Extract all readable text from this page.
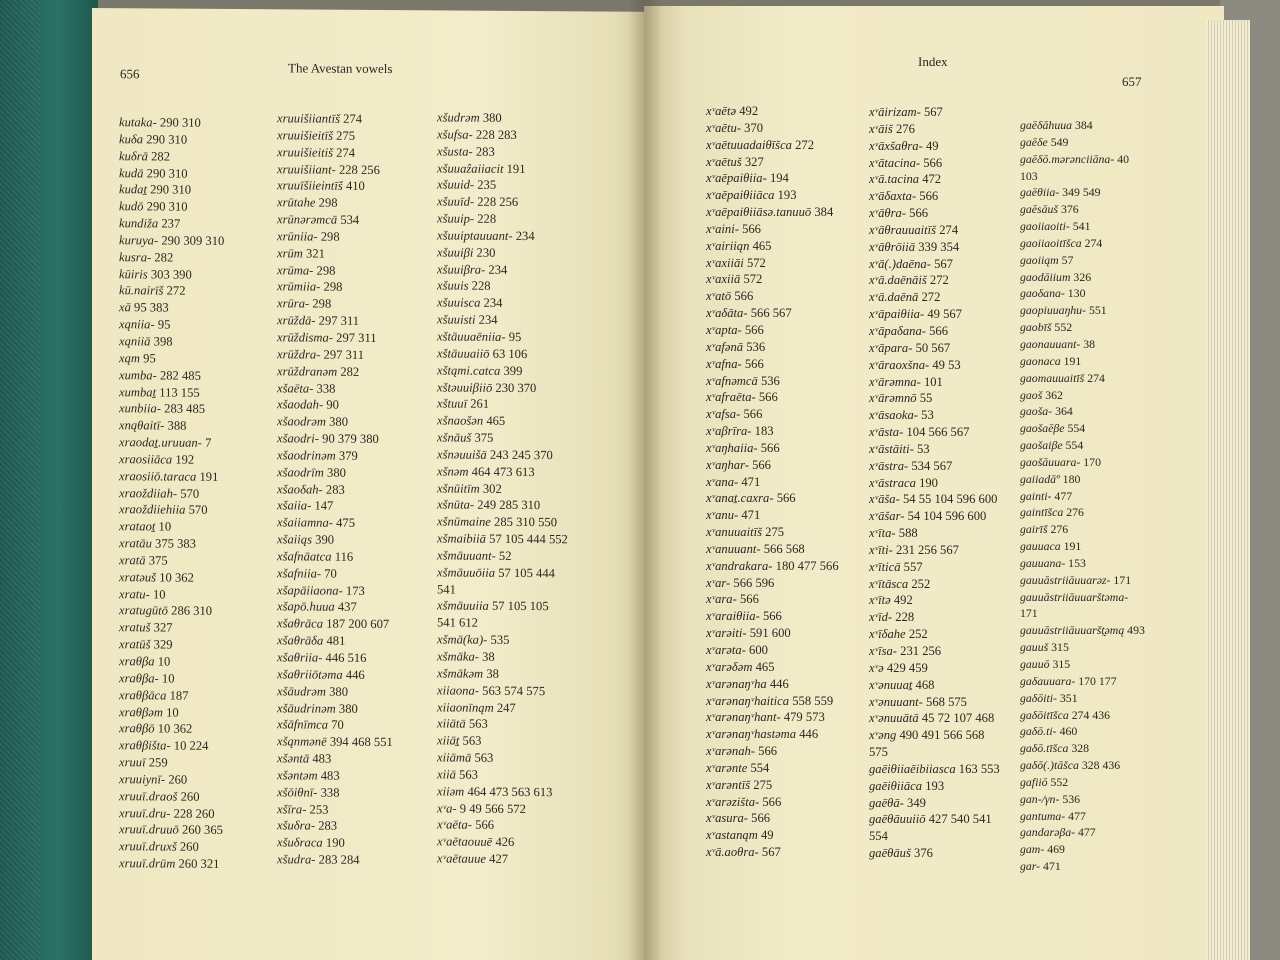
656	The Avestan vowels
kutaka- 290 310
kuδa 290 310
kuδrā 282
kudā 290 310
kudaṯ 290 310
kudō 290 310
kundiža 237
kuruya- 290 309 310
kusra- 282
kūiris 303 390
kū.nairīš 272
xā 95 383
xąniia- 95
xąniiā 398
xąm 95
xumba- 282 485
xumbaṯ 113 155
xunbiia- 283 485
xnąθaitī- 388
xraodaṯ.uruuan- 7
xraosiiāca 192
xraosiiō.taraca 191
xraoždiiah- 570
xraoždiiehiia 570
xrataoṯ 10
xratāu 375 383
xratā 375
xratəuš 10 362
xratu- 10
xratugūtō 286 310
xratuš 327
xratūš 329
xraθβa 10
xraθβa- 10
xraθβāca 187
xraθβəm 10
xraθβō 10 362
xraθβišta- 10 224
xruuī 259
xruuiynī- 260
xruuī.draoš 260
xruuī.dru- 228 260
xruuī.druuō 260 365
xruuī.druxš 260
xruuī.drūm 260 321
xruuišiiantīš 274
xruuišieitīš 275
xruuišieitiš 274
xruuišiiant- 228 256
xruuīšiieintīš 410
xrūtahe 298
xrūnərəmcā 534
xrūniia- 298
xrūm 321
xrūma- 298
xrūmiia- 298
xrūra- 298
xrūždā- 297 311
xrūždisma- 297 311
xrūždra- 297 311
xrūždranəm 282
xšaēta- 338
xšaodah- 90
xšaodrəm 380
xšaodri- 90 379 380
xšaodrinəm 379
xšaodrīm 380
xšaoδah- 283
xšaiia- 147
xšaiiamna- 475
xšaiiąs 390
xšafnāatca 116
xšafniia- 70
xšapāiiaona- 173
xšapō.huua 437
xšaθrāca 187 200 607
xšaθrāδa 481
xšaθriia- 446 516
xšaθriiōtəma 446
xšāudrəm 380
xšāudrinəm 380
xšāfnīmca 70
xšąnmǝnē 394 468 551
xšəntā 483
xšəntəm 483
xšōiθnī- 338
xšīra- 253
xšuδra- 283
xšuδraca 190
xšudra- 283 284
xšudrəm 380
xšufsa- 228 283
xšusta- 283
xšuuaẑaiiacit 191
xšuuid- 235
xšuuīd- 228 256
xšuuip- 228
xšuuiptauuant- 234
xšuuiβi 230
xšuuiβra- 234
xšuuis 228
xšuuisca 234
xšuuisti 234
xštāuuaēniia- 95
xštāuuaiiō 63 106
xštąmi.catca 399
xštəuuiβiiō 230 370
xštuuī 261
xšnaošən 465
xšnāuš 375
xšnəuuišā 243 245 370
xšnəm 464 473 613
xšnūitīm 302
xšnūta- 249 285 310
xšnūmaine 285 310 550
xšmaibiiā 57 105 444 552
xšmāuuant- 52
xšmāuuōiia 57 105 444
541
xšmāuuiia 57 105 105
541 612
xšmā(ka)- 535
xšmāka- 38
xšmākəm 38
xiiaona- 563 574 575
xiiaonīnąm 247
xiiātā 563
xiiāṯ 563
xiiāmā 563
xiiā 563
xiiəm 464 473 563 613
xᵛa- 9 49 566 572
xᵛaēta- 566
xᵛaētaouuē 426
xᵛaētauue 427
Index
657
xᵛaētə 492
xᵛaētu- 370
xᵛaētuuadaiθīšca 272
xᵛaētuš 327
xᵛaēpaiθiia- 194
xᵛaēpaiθiiāca 193
xᵛaēpaiθiiāsə.tanuuō 384
xᵛaini- 566
xᵛairiiąn 465
xᵛaxiiāi 572
xᵛaxiiā 572
xᵛatō 566
xᵛaδāta- 566 567
xᵛapta- 566
xᵛafənā 536
xᵛafna- 566
xᵛafnəmcā 536
xᵛafraēta- 566
xᵛafsa- 566
xᵛaβrīra- 183
xᵛaŋhaiia- 566
xᵛaŋhar- 566
xᵛana- 471
xᵛanaṯ.caxra- 566
xᵛanu- 471
xᵛanuuaitīš 275
xᵛanuuant- 566 568
xᵛandrakara- 180 477 566
xᵛar- 566 596
xᵛara- 566
xᵛaraiθiia- 566
xᵛarəiti- 591 600
xᵛarəta- 600
xᵛarəδəm 465
xᵛarənaŋᵛha 446
xᵛarənaŋᵛhaitica 558 559
xᵛarənaŋᵛhant- 479 573
xᵛarənaŋᵛhastəma 446
xᵛarənah- 566
xᵛarənte 554
xᵛarəntīš 275
xᵛarəzišta- 566
xᵛasura- 566
xᵛastanąm 49
xᵛā.aoθra- 567
xᵛāirizam- 567
xᵛāiš 276
xᵛāxšaθra- 49
xᵛātacina- 566
xᵛā.tacina 472
xᵛāδaxta- 566
xᵛāθra- 566
xᵛāθrauuaitīš 274
xᵛāθrōiiā 339 354
xᵛā(.)daēna- 567
xᵛā.daēnāiš 272
xᵛā.daēnā 272
xᵛāpaiθiia- 49 567
xᵛāpaδana- 566
xᵛāpara- 50 567
xᵛāraoxšna- 49 53
xᵛārəmna- 101
xᵛārəmnō 55
xᵛāsaoka- 53
xᵛāsta- 104 566 567
xᵛāstāiti- 53
xᵛāstra- 534 567
xᵛāstraca 190
xᵛāša- 54 55 104 596 600
xᵛāšar- 54 104 596 600
xᵛīta- 588
xᵛīti- 231 256 567
xᵛīticā 557
xᵛītāsca 252
xᵛītə 492
xᵛīd- 228
xᵛīδahe 252
xᵛīsa- 231 256
xᵛə 429 459
xᵛənuuaṯ 468
xᵛənuuant- 568 575
xᵛənuuātā 45 72 107 468
xᵛəng 490 491 566 568
575
gaēiθiiaēibiiasca 163 553
gaēiθiiāca 193
gaēθā- 349
gaēθāuuiiō 427 540 541
554
gaēθāuš 376
gaēδāhuua 384
gaēδe 549
gaēδō.mərənciiāna- 40
103
gaēθiia- 349 549
gaēsāuš 376
gaoiiaoiti- 541
gaoiiaoitīšca 274
gaoiiąm 57
gaodāiium 326
gaoδana- 130
gaopiuuaŋhu- 551
gaobīš 552
gaonauuant- 38
gaonaca 191
gaomauuaitīš 274
gaoš 362
gaoša- 364
gaošaēβe 554
gaošaiβe 554
gaošāuuara- 170
gaiiadāº 180
gainti- 477
gaintīšca 276
gairīš 276
gauuaca 191
gauuana- 153
gauuāstriiāuuarəz- 171
gauuāstriiāuuarštəma-
171
gauuāstriiāuuaršt̰əmą 493
gauuš 315
gauuō 315
gaδauuara- 170 177
gaδōiti- 351
gaδōitīšca 274 436
gaδō.ti- 460
gaδō.tīšca 328
gaδō(.)tāšca 328 436
gafiiō 552
gan-/γn- 536
gantuma- 477
gandarəβa- 477
gam- 469
gar- 471
